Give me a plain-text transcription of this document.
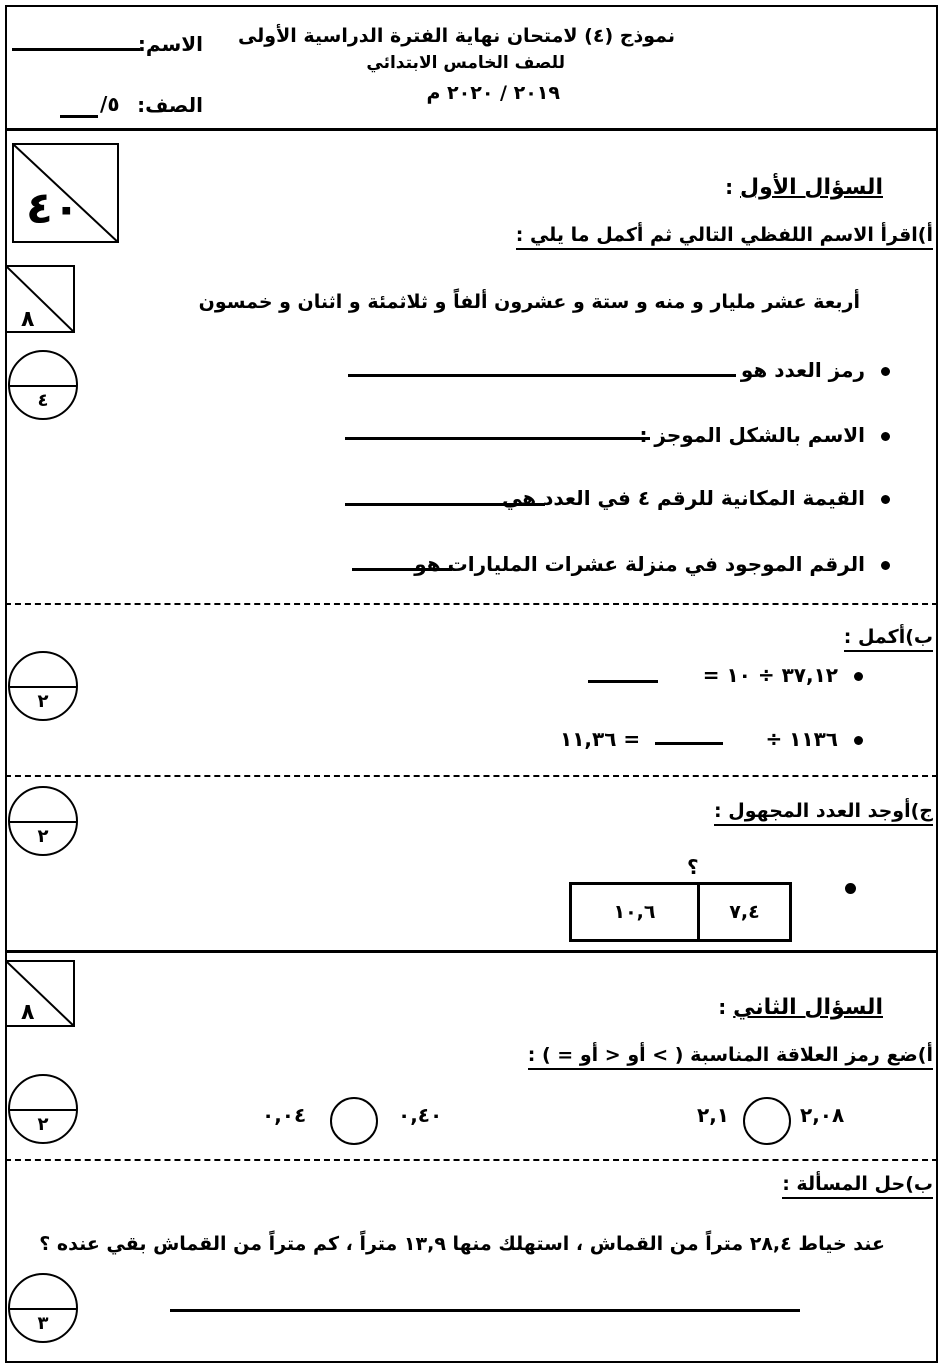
نموذج (٤) لامتحان نهاية الفترة الدراسية الأولى
للصف الخامس الابتدائي
٢٠١٩ / ٢٠٢٠ م
الاسم:
الصف:
٥/
٤٠	السؤال الأول :
أ)اقرأ الاسم اللفظي التالي ثم أكمل ما يلي :
٨
أربعة عشر مليار و منه و ستة و عشرون ألفاً و ثلاثمئة و اثنان و خمسون
٤
رمز العدد هو
الاسم بالشكل الموجز :
القيمة المكانية للرقم ٤ في العدد هي
الرقم الموجود في منزلة عشرات المليارات هو
ب)أكمل :
٢
٣٧,١٢ ÷ ١٠ =
١١٣٦ ÷
= ١١,٣٦
ج)أوجد العدد المجهول :
٢
؟
١٠,٦	٧,٤
٨	السؤال الثاني :
أ)ضع رمز العلاقة المناسبة ( > أو < أو = ) :
٢	٢,٠٨
٢,١
٠,٤٠
٠,٠٤
ب)حل المسألة :
عند خياط ٢٨,٤ متراً من القماش ، استهلك منها ١٣,٩ متراً ، كم متراً من القماش بقي عنده ؟
٣
